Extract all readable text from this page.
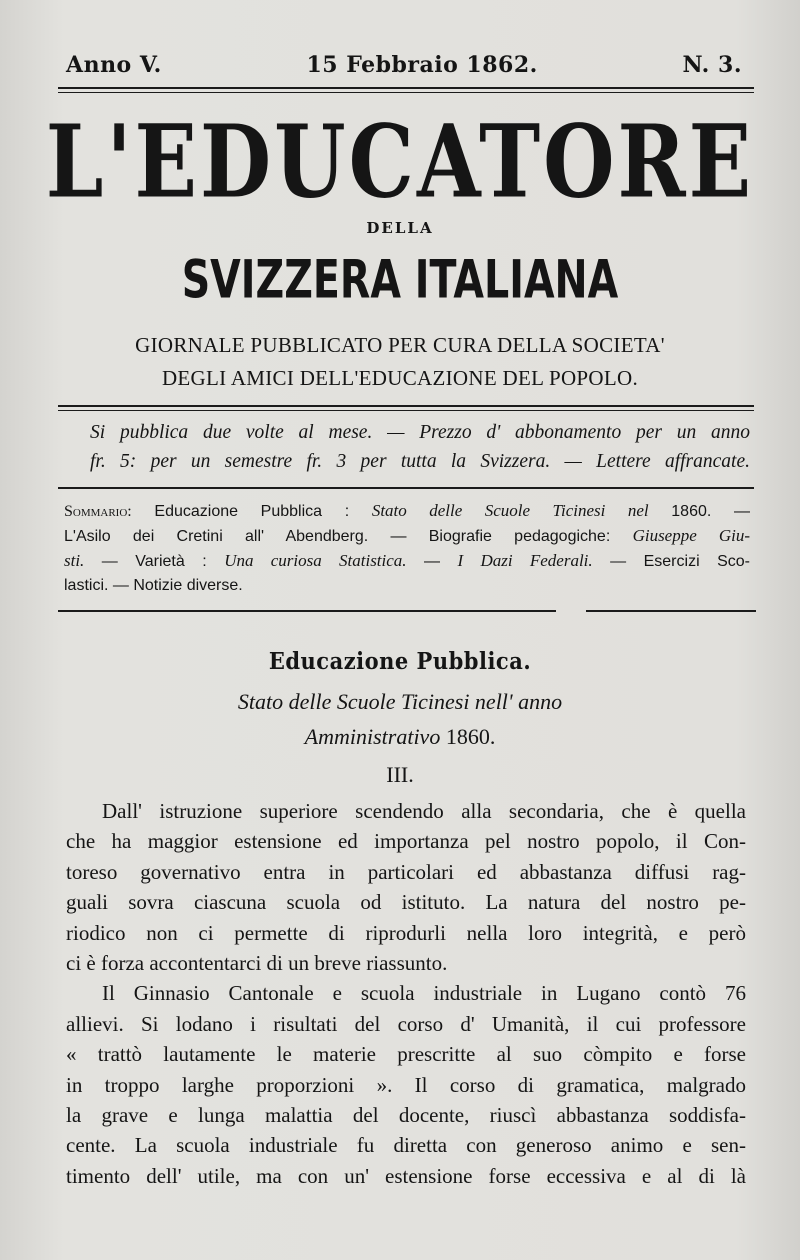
Anno V.	15 Febbraio 1862.	N. 3.
L'EDUCATORE
DELLA
SVIZZERA ITALIANA
GIORNALE PUBBLICATO PER CURA DELLA SOCIETA'
DEGLI AMICI DELL'EDUCAZIONE DEL POPOLO.
Si pubblica due volte al mese. — Prezzo d' abbonamento per un anno
fr. 5: per un semestre fr. 3 per tutta la Svizzera. — Lettere affrancate.
Sommario: Educazione Pubblica : Stato delle Scuole Ticinesi nel 1860. —
L'Asilo dei Cretini all' Abendberg. — Biografie pedagogiche: Giuseppe Giu-
sti. — Varietà : Una curiosa Statistica. — I Dazi Federali. — Esercizi Sco-
lastici. — Notizie diverse.
Educazione Pubblica.
Stato delle Scuole Ticinesi nell' anno
Amministrativo 1860.
III.
Dall' istruzione superiore scendendo alla secondaria, che è quella
che ha maggior estensione ed importanza pel nostro popolo, il Con-
toreso governativo entra in particolari ed abbastanza diffusi rag-
guali sovra ciascuna scuola od istituto. La natura del nostro pe-
riodico non ci permette di riprodurli nella loro integrità, e però
ci è forza accontentarci di un breve riassunto.
Il Ginnasio Cantonale e scuola industriale in Lugano contò 76
allievi. Si lodano i risultati del corso d' Umanità, il cui professore
« trattò lautamente le materie prescritte al suo còmpito e forse
in troppo larghe proporzioni ». Il corso di gramatica, malgrado
la grave e lunga malattia del docente, riuscì abbastanza soddisfa-
cente. La scuola industriale fu diretta con generoso animo e sen-
timento dell' utile, ma con un' estensione forse eccessiva e al di là
